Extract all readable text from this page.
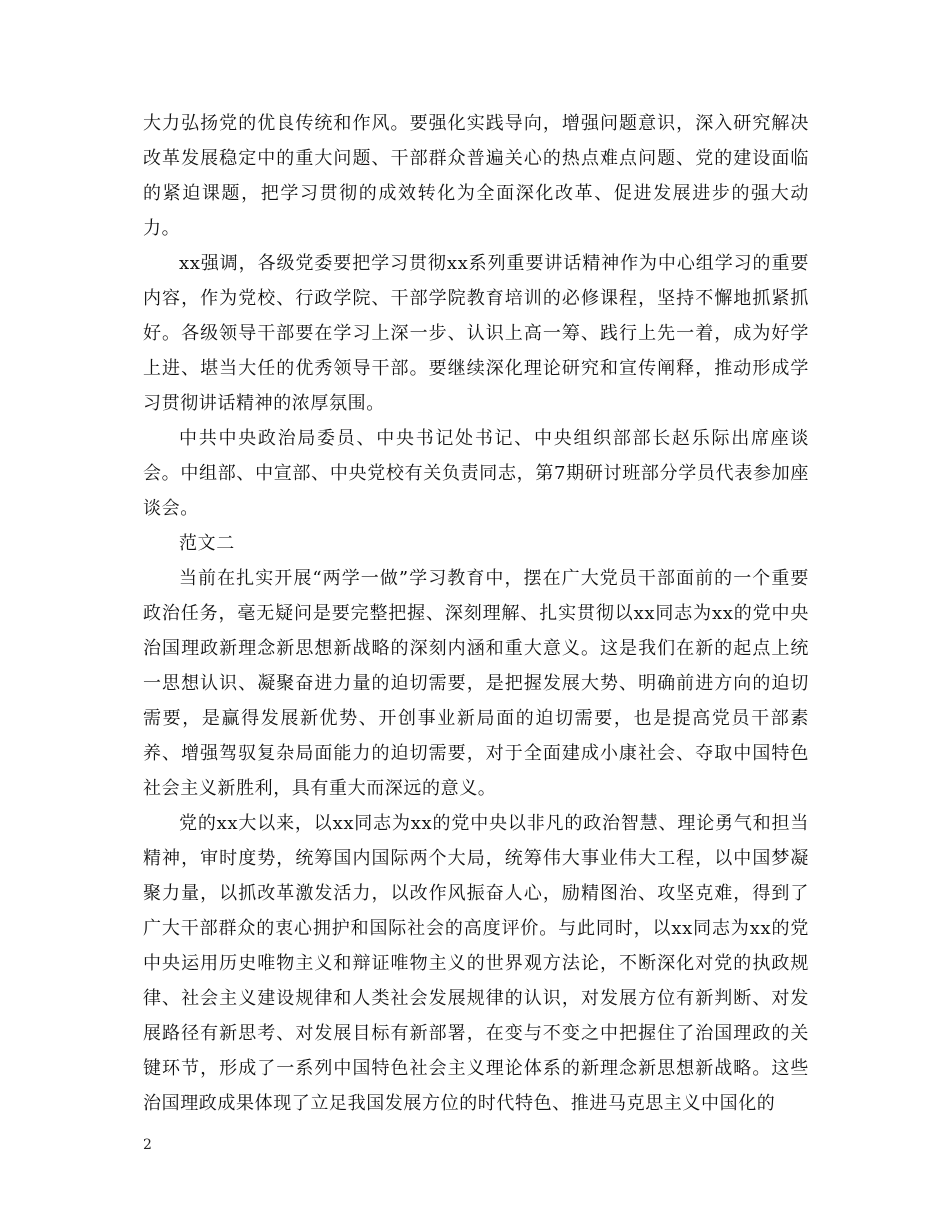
大力弘扬党的优良传统和作风。要强化实践导向，增强问题意识，深入研究解决改革发展稳定中的重大问题、干部群众普遍关心的热点难点问题、党的建设面临的紧迫课题，把学习贯彻的成效转化为全面深化改革、促进发展进步的强大动力。

xx强调，各级党委要把学习贯彻xx系列重要讲话精神作为中心组学习的重要内容，作为党校、行政学院、干部学院教育培训的必修课程，坚持不懈地抓紧抓好。各级领导干部要在学习上深一步、认识上高一筹、践行上先一着，成为好学上进、堪当大任的优秀领导干部。要继续深化理论研究和宣传阐释，推动形成学习贯彻讲话精神的浓厚氛围。

中共中央政治局委员、中央书记处书记、中央组织部部长赵乐际出席座谈会。中组部、中宣部、中央党校有关负责同志，第7期研讨班部分学员代表参加座谈会。

范文二

当前在扎实开展“两学一做”学习教育中，摆在广大党员干部面前的一个重要政治任务，毫无疑问是要完整把握、深刻理解、扎实贯彻以xx同志为xx的党中央治国理政新理念新思想新战略的深刻内涵和重大意义。这是我们在新的起点上统一思想认识、凝聚奋进力量的迫切需要，是把握发展大势、明确前进方向的迫切需要，是赢得发展新优势、开创事业新局面的迫切需要，也是提高党员干部素养、增强驾驭复杂局面能力的迫切需要，对于全面建成小康社会、夺取中国特色社会主义新胜利，具有重大而深远的意义。

党的xx大以来，以xx同志为xx的党中央以非凡的政治智慧、理论勇气和担当精神，审时度势，统筹国内国际两个大局，统筹伟大事业伟大工程，以中国梦凝聚力量，以抓改革激发活力，以改作风振奋人心，励精图治、攻坚克难，得到了广大干部群众的衷心拥护和国际社会的高度评价。与此同时，以xx同志为xx的党中央运用历史唯物主义和辩证唯物主义的世界观方法论，不断深化对党的执政规律、社会主义建设规律和人类社会发展规律的认识，对发展方位有新判断、对发展路径有新思考、对发展目标有新部署，在变与不变之中把握住了治国理政的关键环节，形成了一系列中国特色社会主义理论体系的新理念新思想新战略。这些治国理政成果体现了立足我国发展方位的时代特色、推进马克思主义中国化的

2
